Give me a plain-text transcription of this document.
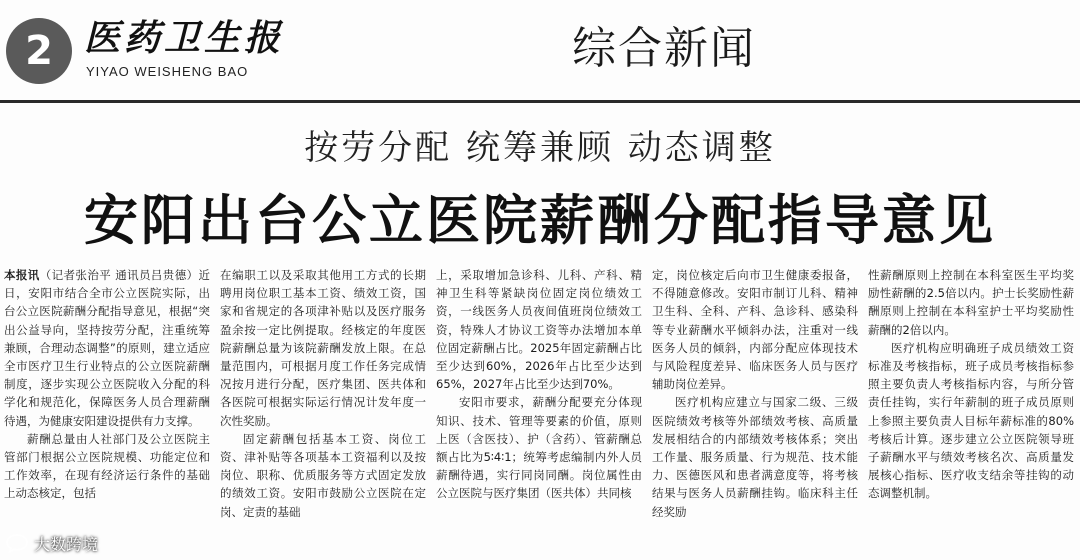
2 医药卫生报
YIYAO WEISHENG BAO	综合新闻
按劳分配 统筹兼顾 动态调整
安阳出台公立医院薪酬分配指导意见

本报讯（记者张治平 通讯员吕贵德）近日，安阳市结合全市公立医院实际，出台公立医院薪酬分配指导意见，根据“突出公益导向，坚持按劳分配，注重统筹兼顾，合理动态调整”的原则，建立适应全市医疗卫生行业特点的公立医院薪酬制度，逐步实现公立医院收入分配的科学化和规范化，保障医务人员合理薪酬待遇，为健康安阳建设提供有力支撑。

薪酬总量由人社部门及公立医院主管部门根据公立医院规模、功能定位和工作效率，在现有经济运行条件的基础上动态核定，包括

在编职工以及采取其他用工方式的长期聘用岗位职工基本工资、绩效工资，国家和省规定的各项津补贴以及医疗服务盈余按一定比例提取。经核定的年度医院薪酬总量为该院薪酬发放上限。在总量范围内，可根据月度工作任务完成情况按月进行分配，医疗集团、医共体和各医院可根据实际运行情况计发年度一次性奖励。

固定薪酬包括基本工资、岗位工资、津补贴等各项基本工资福利以及按岗位、职称、优质服务等方式固定发放的绩效工资。安阳市鼓励公立医院在定岗、定责的基础

上，采取增加急诊科、儿科、产科、精神卫生科等紧缺岗位固定岗位绩效工资，一线医务人员夜间值班岗位绩效工资，特殊人才协议工资等办法增加本单位固定薪酬占比。2025年固定薪酬占比至少达到60%，2026年占比至少达到65%，2027年占比至少达到70%。

安阳市要求，薪酬分配要充分体现知识、技术、管理等要素的价值，原则上医（含医技）、护（含药）、管薪酬总额占比为5∶4∶1；统筹考虑编制内外人员薪酬待遇，实行同岗同酬。岗位属性由公立医院与医疗集团（医共体）共同核

定，岗位核定后向市卫生健康委报备，不得随意修改。安阳市制订儿科、精神卫生科、全科、产科、急诊科、感染科等专业薪酬水平倾斜办法，注重对一线医务人员的倾斜，内部分配应体现技术与风险程度差异、临床医务人员与医疗辅助岗位差异。

医疗机构应建立与国家二级、三级医院绩效考核等外部绩效考核、高质量发展相结合的内部绩效考核体系；突出工作量、服务质量、行为规范、技术能力、医德医风和患者满意度等，将考核结果与医务人员薪酬挂钩。临床科主任经奖励

性薪酬原则上控制在本科室医生平均奖励性薪酬的2.5倍以内。护士长奖励性薪酬原则上控制在本科室护士平均奖励性薪酬的2倍以内。

医疗机构应明确班子成员绩效工资标准及考核指标，班子成员考核指标参照主要负责人考核指标内容，与所分管责任挂钩，实行年薪制的班子成员原则上参照主要负责人目标年薪标准的80%考核后计算。逐步建立公立医院领导班子薪酬水平与绩效考核名次、高质量发展核心指标、医疗收支结余等挂钩的动态调整机制。

大数跨境
